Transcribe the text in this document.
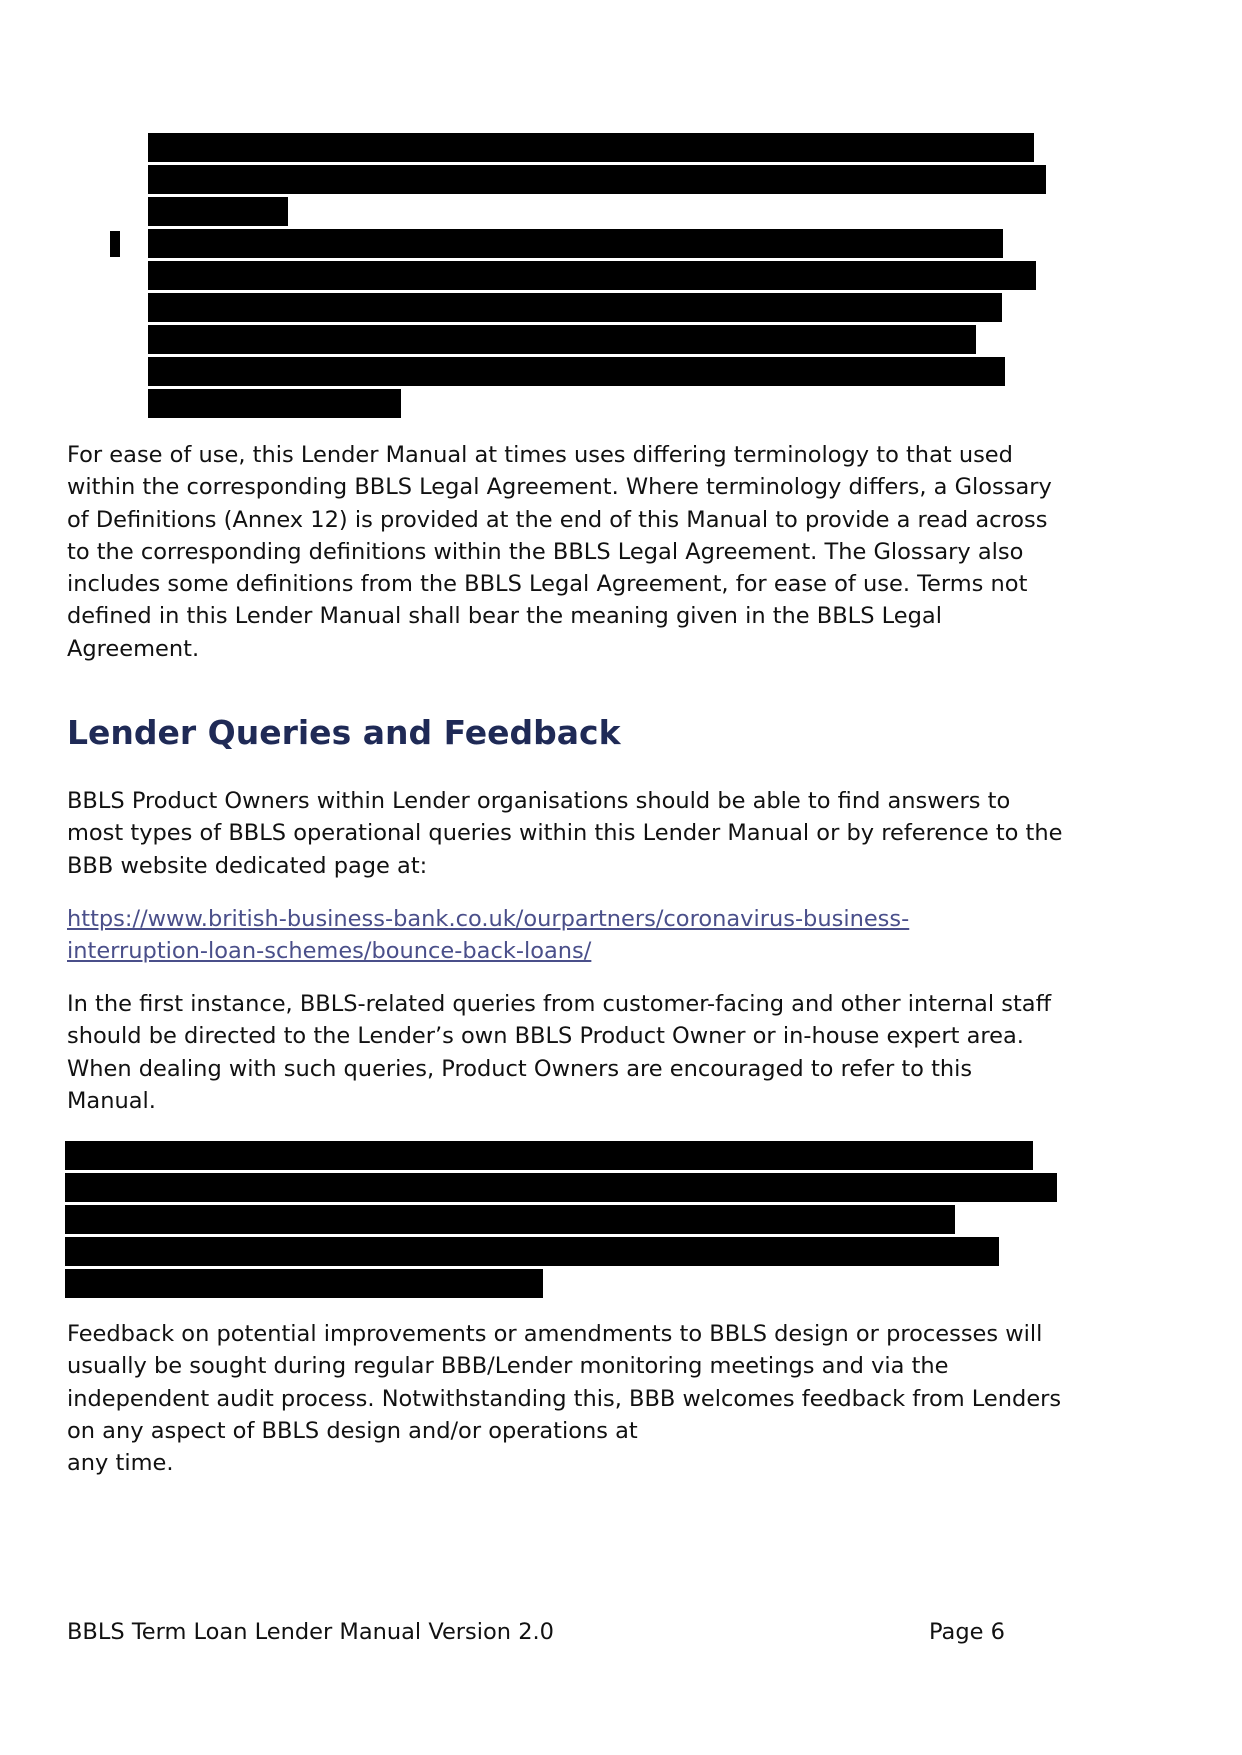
For ease of use, this Lender Manual at times uses differing terminology to that used
within the corresponding BBLS Legal Agreement. Where terminology differs, a Glossary
of Definitions (Annex 12) is provided at the end of this Manual to provide a read across
to the corresponding definitions within the BBLS Legal Agreement. The Glossary also
includes some definitions from the BBLS Legal Agreement, for ease of use. Terms not
defined in this Lender Manual shall bear the meaning given in the BBLS Legal
Agreement.

Lender Queries and Feedback

BBLS Product Owners within Lender organisations should be able to find answers to
most types of BBLS operational queries within this Lender Manual or by reference to the
BBB website dedicated page at:

https://www.british-business-bank.co.uk/ourpartners/coronavirus-business-
interruption-loan-schemes/bounce-back-loans/

In the first instance, BBLS-related queries from customer-facing and other internal staff
should be directed to the Lender’s own BBLS Product Owner or in-house expert area.
When dealing with such queries, Product Owners are encouraged to refer to this
Manual.

Feedback on potential improvements or amendments to BBLS design or processes will
usually be sought during regular BBB/Lender monitoring meetings and via the
independent audit process. Notwithstanding this, BBB welcomes feedback from Lenders
on any aspect of BBLS design and/or operations at
any time.

BBLS Term Loan Lender Manual Version 2.0	Page 6
